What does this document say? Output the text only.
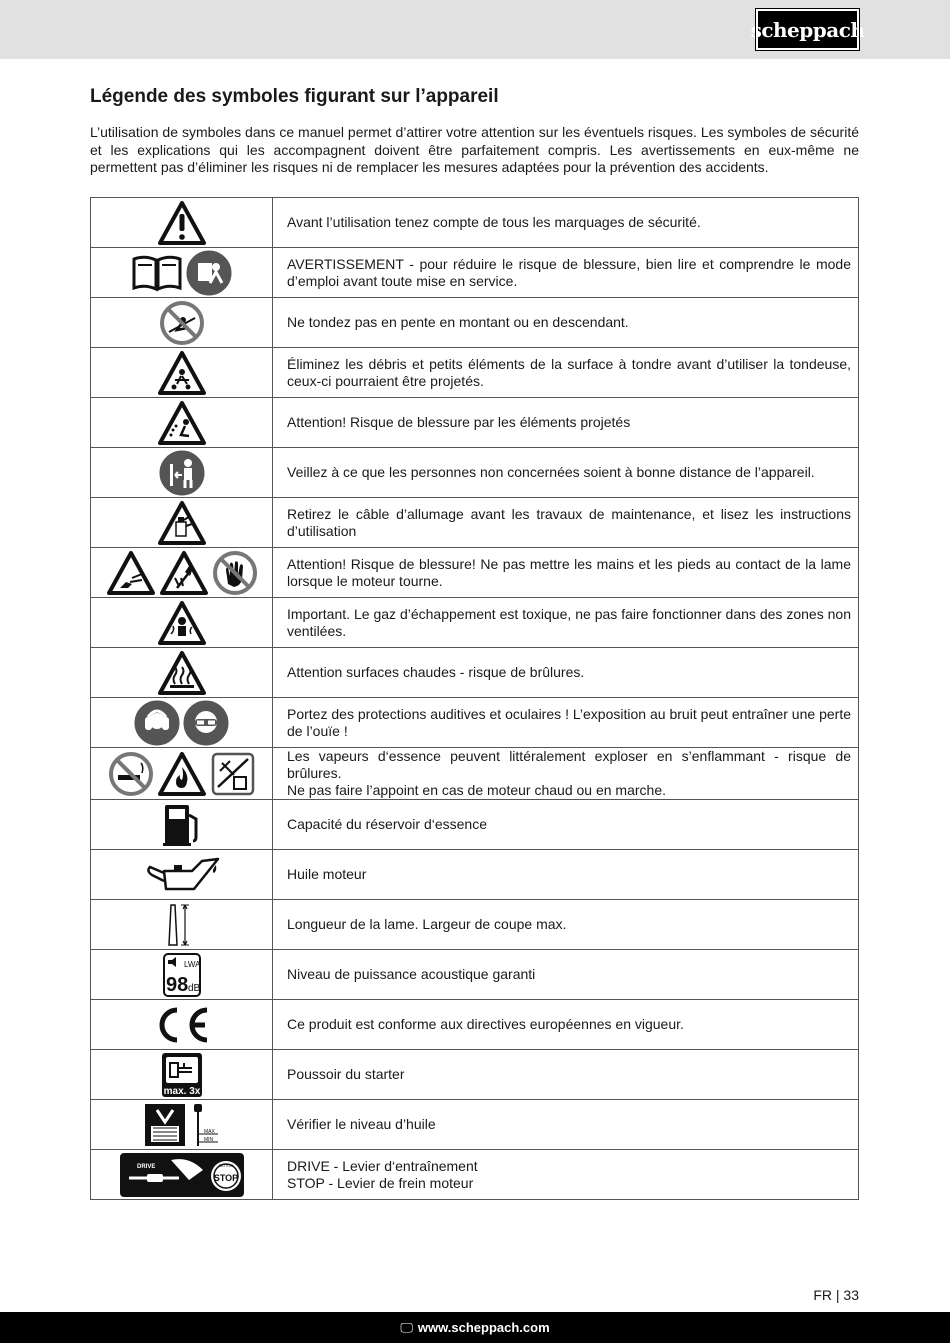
scheppach
Légende des symboles figurant sur l’appareil

L’utilisation de symboles dans ce manuel permet d’attirer votre attention sur les éventuels risques. Les symboles de sécurité et les explications qui les accompagnent doivent être parfaitement compris. Les avertissements en eux-même ne permettent pas d’éliminer les risques ni de remplacer les mesures adaptées pour la prévention des accidents.

Avant l’utilisation tenez compte de tous les marquages de sécurité.

AVERTISSEMENT - pour réduire le risque de blessure, bien lire et comprendre le mode d’emploi avant toute mise en service.

Ne tondez pas en pente en montant ou en descendant.

Éliminez les débris et petits éléments de la surface à tondre avant d’utiliser la tondeuse, ceux-ci pourraient être projetés.

Attention! Risque de blessure par les éléments projetés

Veillez à ce que les personnes non concernées soient à bonne distance de l’appareil.

Retirez le câble d’allumage avant les travaux de maintenance, et lisez les instructions d’utilisation

Attention! Risque de blessure! Ne pas mettre les mains et les pieds au contact de la lame lorsque le moteur tourne.

Important. Le gaz d’échappement est toxique, ne pas faire fonctionner dans des zones non ventilées.

Attention surfaces chaudes - risque de brûlures.

Portez des protections auditives et oculaires ! L’exposition au bruit peut entraîner une perte de l’ouïe !

Les vapeurs d‘essence peuvent littéralement exploser en s’enflammant - risque de brûlures.
Ne pas faire l’appoint en cas de moteur chaud ou en marche.

Capacité du réservoir d‘essence

Huile moteur

Longueur de la lame. Largeur de coupe max.

LWA
98 dB	Niveau de puissance acoustique garanti

Ce produit est conforme aux directives européennes en vigueur.

max. 3x	Poussoir du starter

MAX
MIN	Vérifier le niveau d’huile

DRIVE MOTOR
STOP	DRIVE - Levier d‘entraînement
STOP - Levier de frein moteur
FR | 33
🖵 www.scheppach.com
